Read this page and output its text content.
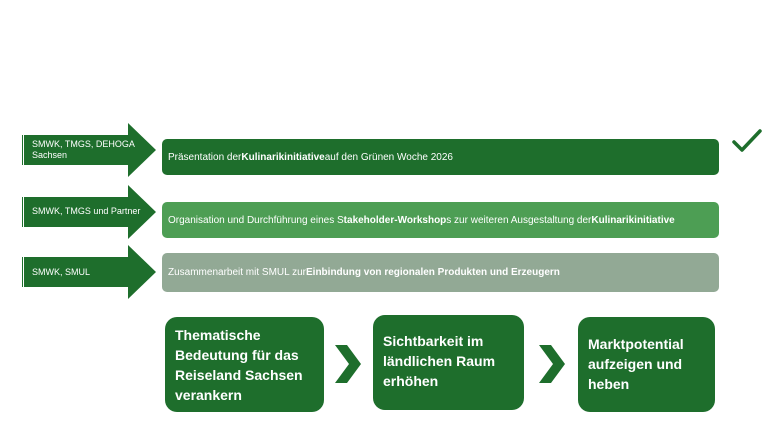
SMWK, TMGS, DEHOGA
Sachsen	Präsentation der Kulinarikinitiative auf den Grünen Woche 2026
SMWK, TMGS und Partner
Organisation und Durchführung eines S takeholder-Workshop s zur weiteren Ausgestaltung der Kulinarikinitiative
SMWK, SMUL	Zusammenarbeit mit SMUL zur Einbindung von regionalen Produkten und Erzeugern
Thematische
Bedeutung für das
Reiseland Sachsen
verankern
Sichtbarkeit im
ländlichen Raum
erhöhen
Marktpotential
aufzeigen und
heben
